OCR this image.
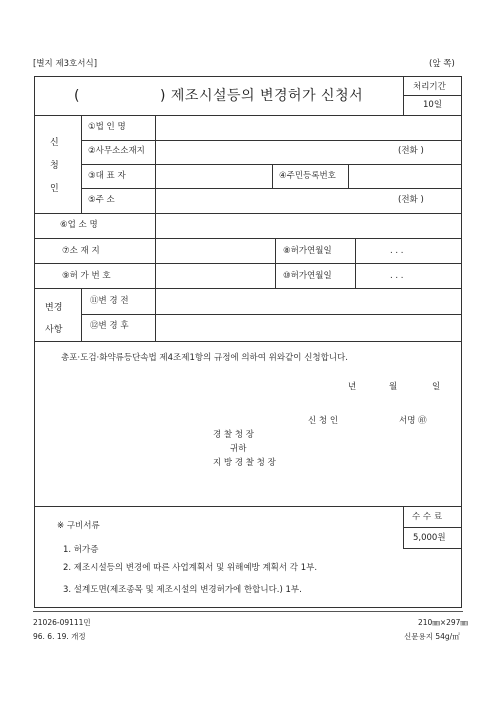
[별지 제3호서식]	(앞 쪽)
(	) 제조시설등의 변경허가 신청서
처리기간
10일
신
청
인
①법 인 명
②사무소소재지	(전화 )
③대 표 자	④주민등록번호
⑤주 소	(전화 )
⑥업 소 명
⑦소 재 지	⑧허가연월일	. . .
⑨허 가 번 호	⑩허가연월일	. . .
변경
사항
⑪변 경 전
⑫변 경 후
총포·도검·화약류등단속법 제4조제1항의 규정에 의하여 위와같이 신청합니다.
년	월	일
신 청 인	서명 ㊞
경 찰 청 장
귀하
지 방 경 찰 청 장
※ 구비서류
1. 허가증
2. 제조시설등의 변경에 따른 사업계획서 및 위해예방 계획서 각 1부.
3. 설계도면(제조종목 및 제조시설의 변경허가에 한합니다.) 1부.
수 수 료
5,000원
21026-09111민	210㎜×297㎜
96. 6. 19. 개정	신문용지 54g/㎡
